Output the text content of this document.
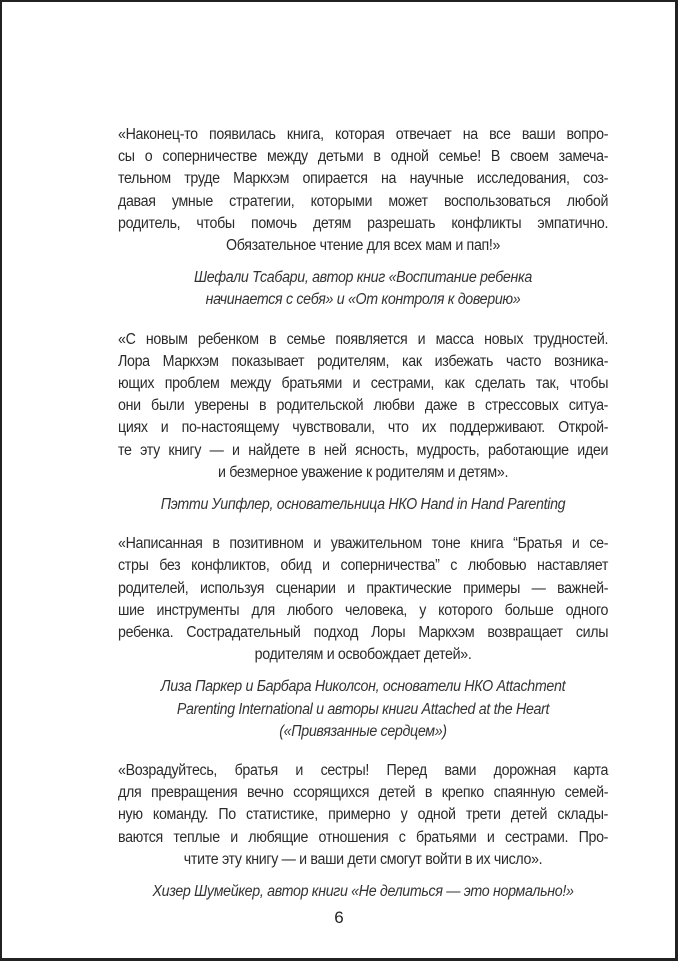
«Наконец-то появилась книга, которая отвечает на все ваши вопро-
сы о соперничестве между детьми в одной семье! В своем замеча-
тельном труде Маркхэм опирается на научные исследования, соз-
давая умные стратегии, которыми может воспользоваться любой
родитель, чтобы помочь детям разрешать конфликты эмпатично.
Обязательное чтение для всех мам и пап!»

Шефали Тсабари, автор книг «Воспитание ребенка
начинается с себя» и «От контроля к доверию»

«С новым ребенком в семье появляется и масса новых трудностей.
Лора Маркхэм показывает родителям, как избежать часто возника-
ющих проблем между братьями и сестрами, как сделать так, чтобы
они были уверены в родительской любви даже в стрессовых ситуа-
циях и по-настоящему чувствовали, что их поддерживают. Открой-
те эту книгу — и найдете в ней ясность, мудрость, работающие идеи
и безмерное уважение к родителям и детям».

Пэтти Уипфлер, основательница НКО Hand in Hand Parenting

«Написанная в позитивном и уважительном тоне книга “Братья и се-
стры без конфликтов, обид и соперничества” с любовью наставляет
родителей, используя сценарии и практические примеры — важней-
шие инструменты для любого человека, у которого больше одного
ребенка. Сострадательный подход Лоры Маркхэм возвращает силы
родителям и освобождает детей».

Лиза Паркер и Барбара Николсон, основатели НКО Attachment
Parenting International и авторы книги Attached at the Heart
(«Привязанные сердцем»)

«Возрадуйтесь, братья и сестры! Перед вами дорожная карта
для превращения вечно ссорящихся детей в крепко спаянную семей-
ную команду. По статистике, примерно у одной трети детей склады-
ваются теплые и любящие отношения с братьями и сестрами. Про-
чтите эту книгу — и ваши дети смогут войти в их число».

Хизер Шумейкер, автор книги «Не делиться — это нормально!»

6
